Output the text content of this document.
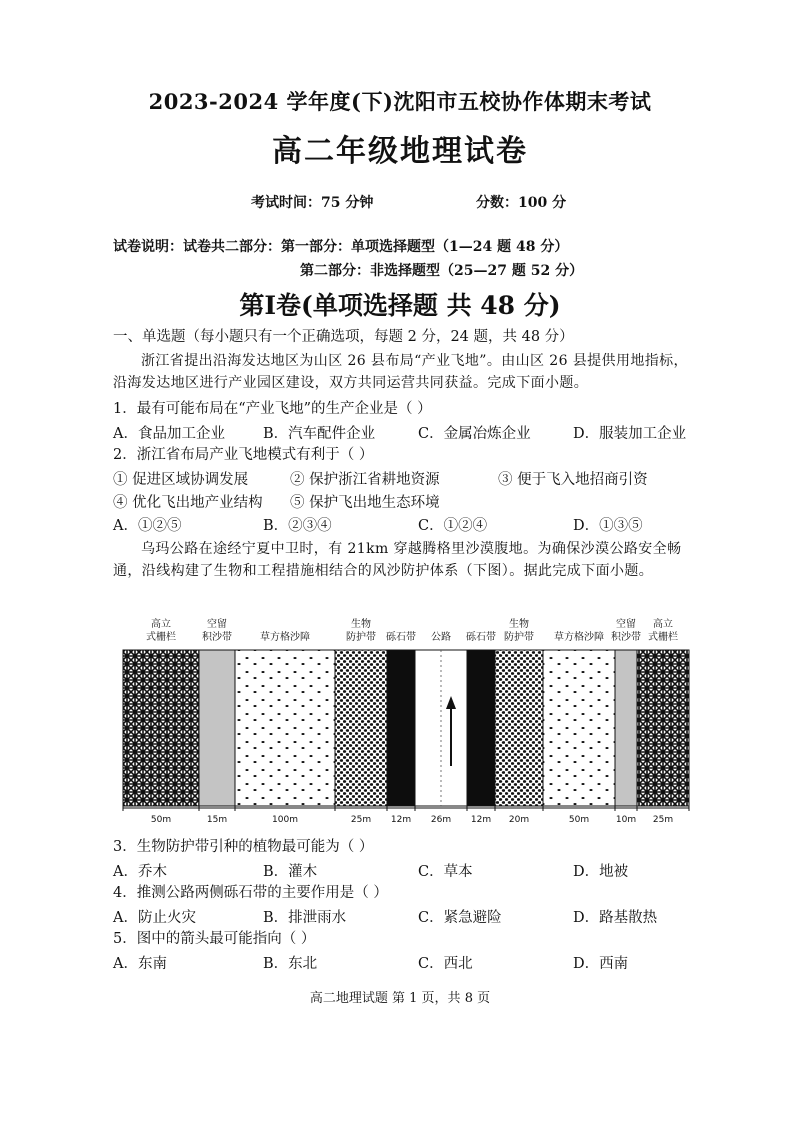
2023-2024 学年度(下)沈阳市五校协作体期末考试
高二年级地理试卷
考试时间：75 分钟	分数：100 分
试卷说明：试卷共二部分：第一部分：单项选择题型（1—24 题 48 分）
第二部分：非选择题型（25—27 题 52 分）
第Ⅰ卷(单项选择题 共 48 分)
一、单选题（每小题只有一个正确选项，每题 2 分，24 题，共 48 分）
浙江省提出沿海发达地区为山区 26 县布局“产业飞地”。由山区 26 县提供用地指标，沿海发达地区进行产业园区建设，双方共同运营共同获益。完成下面小题。
1．最有可能布局在“产业飞地”的生产企业是（ ）
A．食品加工企业	B．汽车配件企业	C．金属冶炼企业	D．服装加工企业
2．浙江省布局产业飞地模式有利于（ ）
① 促进区域协调发展	② 保护浙江省耕地资源	③ 便于飞入地招商引资
④ 优化飞出地产业结构 ⑤ 保护飞出地生态环境
A．①②⑤	B．②③④	C．①②④	D．①③⑤
乌玛公路在途经宁夏中卫时，有 21km 穿越腾格里沙漠腹地。为确保沙漠公路安全畅通，沿线构建了生物和工程措施相结合的风沙防护体系（下图）。据此完成下面小题。
高立式栅栏
空留积沙带	草方格沙障
生物防护带 砾石带 公路 砾石带
生物防护带 草方格沙障
空留积沙带
高立式栅栏
50m	15m	100m	25m 12m 26m 12m 20m	50m	10m 25m
3．生物防护带引种的植物最可能为（ ）
A．乔木	B．灌木	C．草本	D．地被
4．推测公路两侧砾石带的主要作用是（ ）
A．防止火灾	B．排泄雨水	C．紧急避险	D．路基散热
5．图中的箭头最可能指向（ ）
A．东南	B．东北	C．西北	D．西南
高二地理试题 第 1 页，共 8 页
